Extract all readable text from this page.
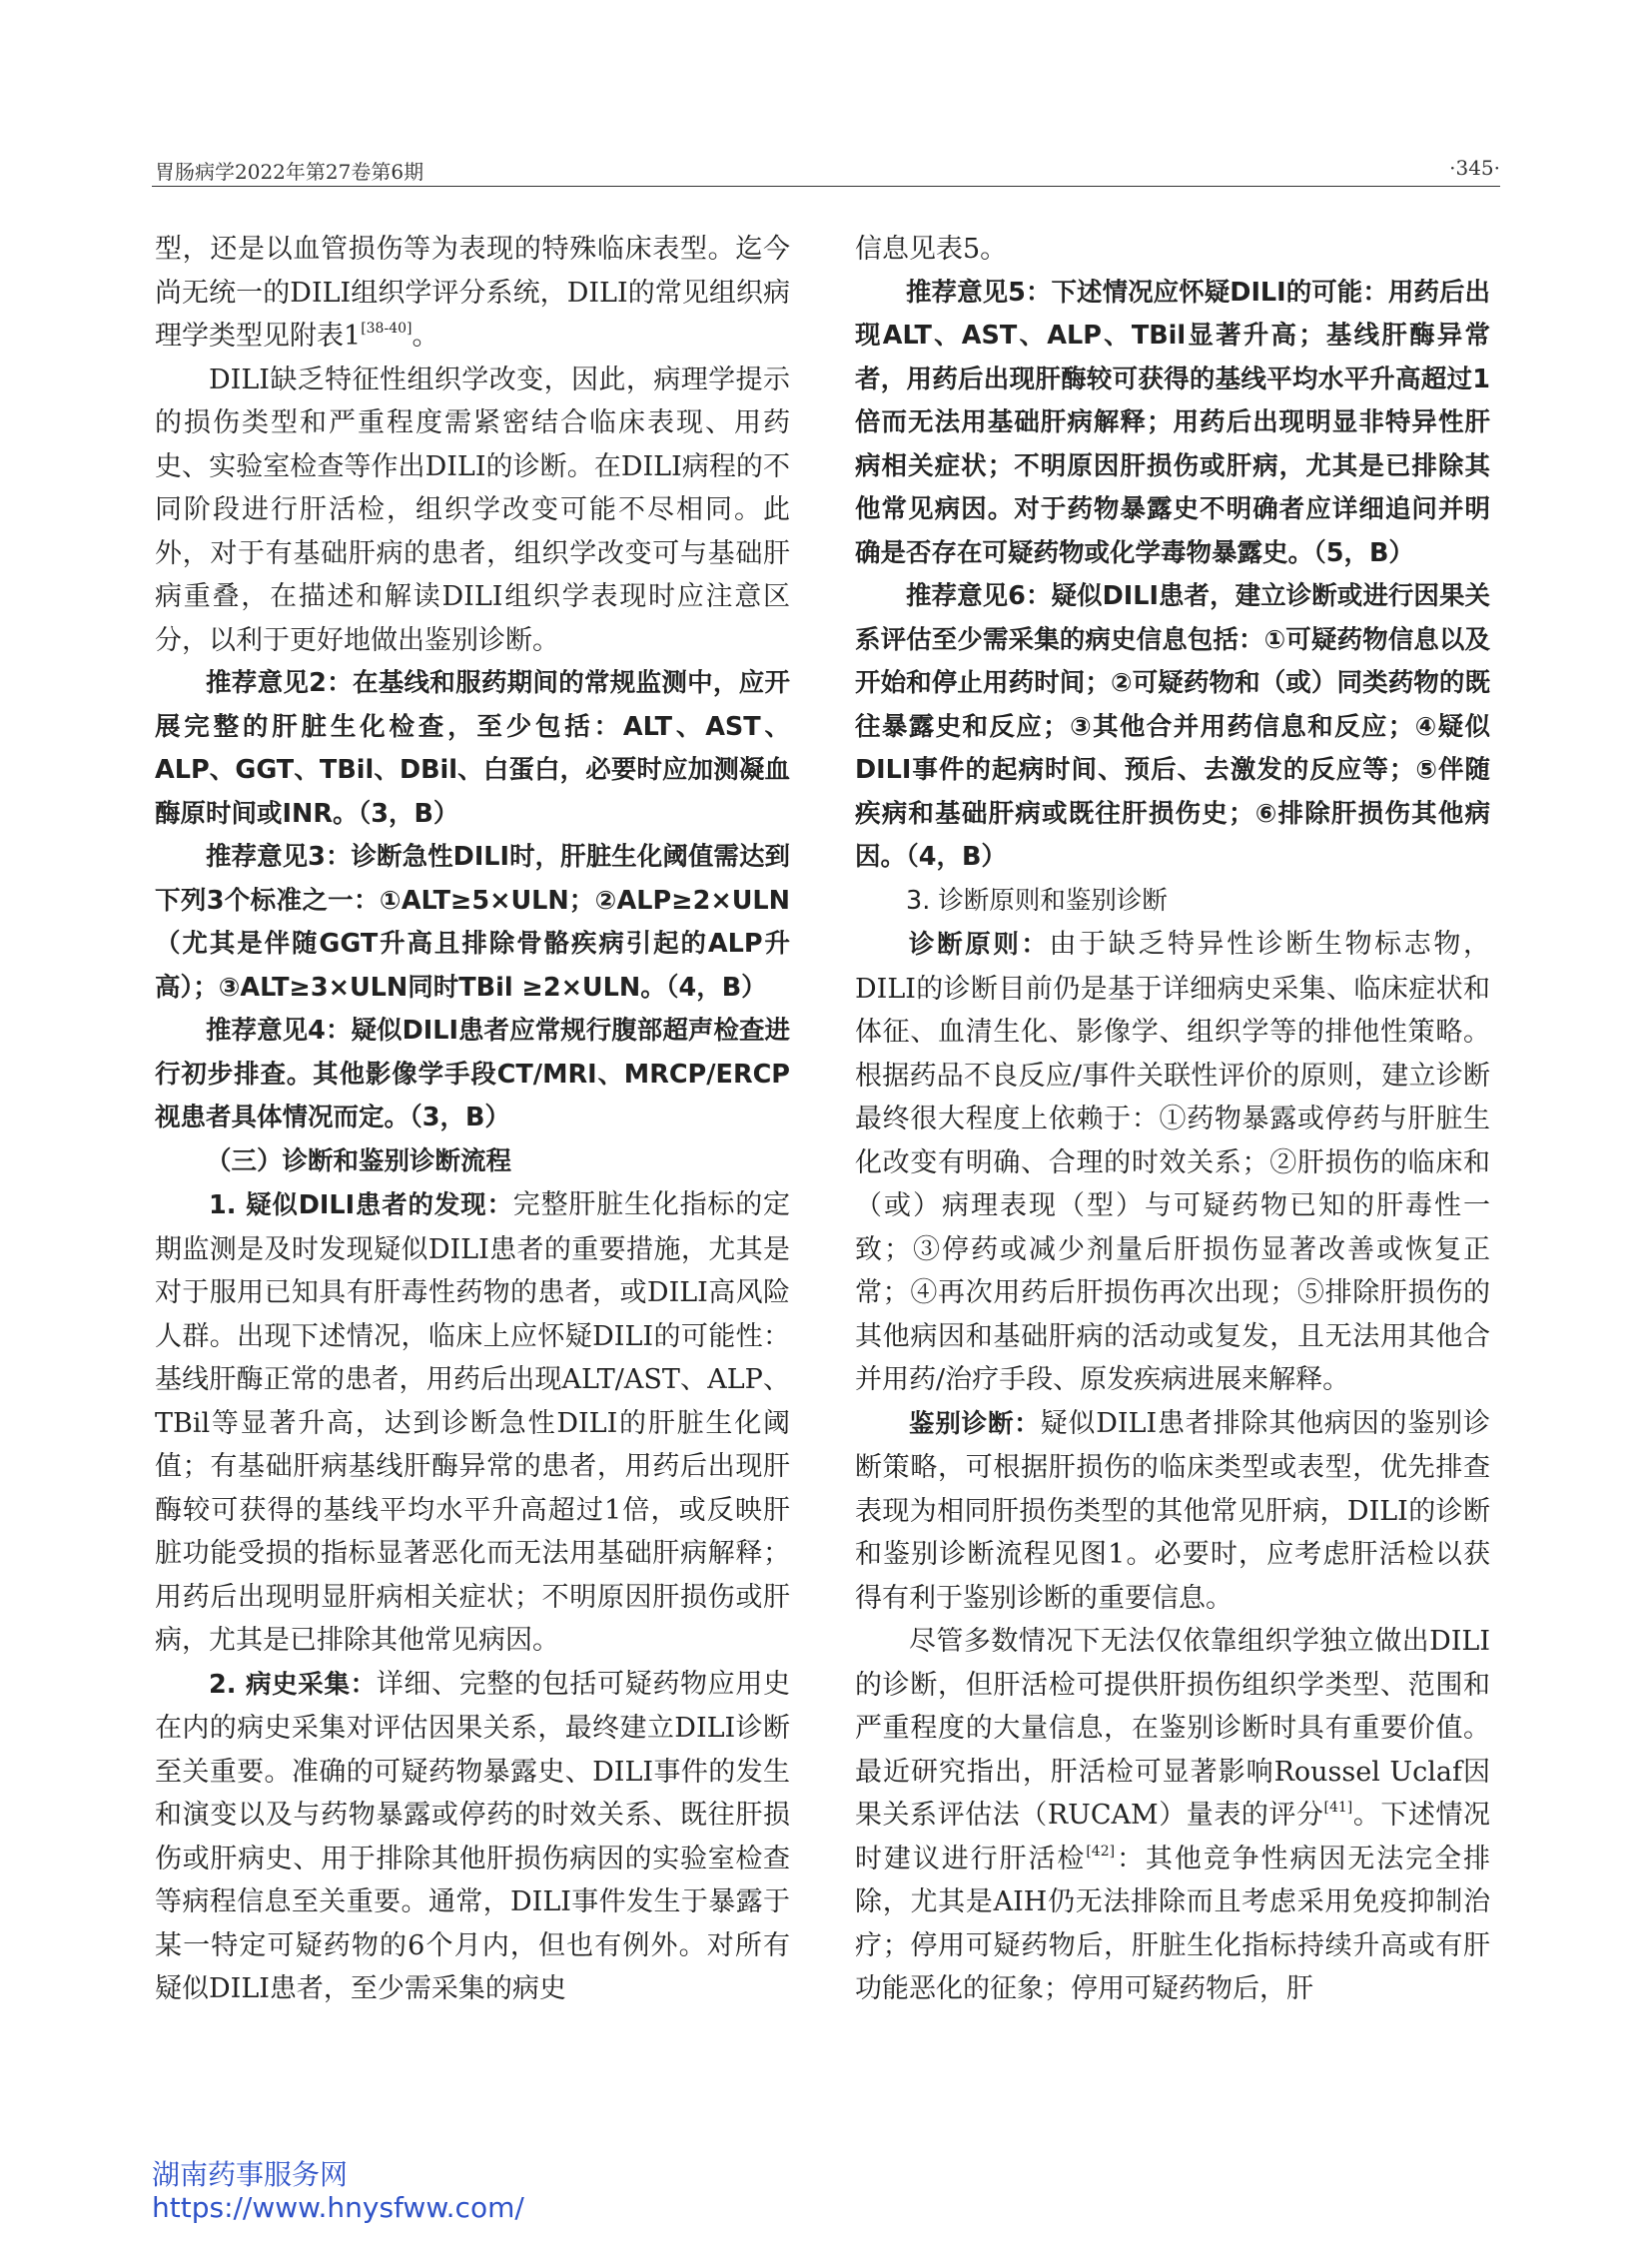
胃肠病学2022年第27卷第6期	·345·

型，还是以血管损伤等为表现的特殊临床表型。迄今尚无统一的DILI组织学评分系统，DILI的常见组织病理学类型见附表1[38-40]。

DILI缺乏特征性组织学改变，因此，病理学提示的损伤类型和严重程度需紧密结合临床表现、用药史、实验室检查等作出DILI的诊断。在DILI病程的不同阶段进行肝活检，组织学改变可能不尽相同。此外，对于有基础肝病的患者，组织学改变可与基础肝病重叠，在描述和解读DILI组织学表现时应注意区分，以利于更好地做出鉴别诊断。

推荐意见2：在基线和服药期间的常规监测中，应开展完整的肝脏生化检查，至少包括：ALT、AST、ALP、GGT、TBil、DBil、白蛋白，必要时应加测凝血酶原时间或INR。（3，B）

推荐意见3：诊断急性DILI时，肝脏生化阈值需达到下列3个标准之一：①ALT≥5×ULN；②ALP≥2×ULN（尤其是伴随GGT升高且排除骨骼疾病引起的ALP升高）；③ALT≥3×ULN同时TBil ≥2×ULN。（4，B）

推荐意见4：疑似DILI患者应常规行腹部超声检查进行初步排查。其他影像学手段CT/MRI、MRCP/ERCP视患者具体情况而定。（3，B）

（三）诊断和鉴别诊断流程

1. 疑似DILI患者的发现：完整肝脏生化指标的定期监测是及时发现疑似DILI患者的重要措施，尤其是对于服用已知具有肝毒性药物的患者，或DILI高风险人群。出现下述情况，临床上应怀疑DILI的可能性：基线肝酶正常的患者，用药后出现ALT/AST、ALP、TBil等显著升高，达到诊断急性DILI的肝脏生化阈值；有基础肝病基线肝酶异常的患者，用药后出现肝酶较可获得的基线平均水平升高超过1倍，或反映肝脏功能受损的指标显著恶化而无法用基础肝病解释；用药后出现明显肝病相关症状；不明原因肝损伤或肝病，尤其是已排除其他常见病因。

2. 病史采集：详细、完整的包括可疑药物应用史在内的病史采集对评估因果关系，最终建立DILI诊断至关重要。准确的可疑药物暴露史、DILI事件的发生和演变以及与药物暴露或停药的时效关系、既往肝损伤或肝病史、用于排除其他肝损伤病因的实验室检查等病程信息至关重要。通常，DILI事件发生于暴露于某一特定可疑药物的6个月内，但也有例外。对所有疑似DILI患者，至少需采集的病史

信息见表5。

推荐意见5：下述情况应怀疑DILI的可能：用药后出现ALT、AST、ALP、TBil显著升高；基线肝酶异常者，用药后出现肝酶较可获得的基线平均水平升高超过1倍而无法用基础肝病解释；用药后出现明显非特异性肝病相关症状；不明原因肝损伤或肝病，尤其是已排除其他常见病因。对于药物暴露史不明确者应详细追问并明确是否存在可疑药物或化学毒物暴露史。（5，B）

推荐意见6：疑似DILI患者，建立诊断或进行因果关系评估至少需采集的病史信息包括：①可疑药物信息以及开始和停止用药时间；②可疑药物和（或）同类药物的既往暴露史和反应；③其他合并用药信息和反应；④疑似DILI事件的起病时间、预后、去激发的反应等；⑤伴随疾病和基础肝病或既往肝损伤史；⑥排除肝损伤其他病因。（4，B）

3. 诊断原则和鉴别诊断

诊断原则：由于缺乏特异性诊断生物标志物，DILI的诊断目前仍是基于详细病史采集、临床症状和体征、血清生化、影像学、组织学等的排他性策略。根据药品不良反应/事件关联性评价的原则，建立诊断最终很大程度上依赖于：①药物暴露或停药与肝脏生化改变有明确、合理的时效关系；②肝损伤的临床和（或）病理表现（型）与可疑药物已知的肝毒性一致；③停药或减少剂量后肝损伤显著改善或恢复正常；④再次用药后肝损伤再次出现；⑤排除肝损伤的其他病因和基础肝病的活动或复发，且无法用其他合并用药/治疗手段、原发疾病进展来解释。

鉴别诊断：疑似DILI患者排除其他病因的鉴别诊断策略，可根据肝损伤的临床类型或表型，优先排查表现为相同肝损伤类型的其他常见肝病，DILI的诊断和鉴别诊断流程见图1。必要时，应考虑肝活检以获得有利于鉴别诊断的重要信息。

尽管多数情况下无法仅依靠组织学独立做出DILI的诊断，但肝活检可提供肝损伤组织学类型、范围和严重程度的大量信息，在鉴别诊断时具有重要价值。最近研究指出，肝活检可显著影响Roussel Uclaf因果关系评估法（RUCAM）量表的评分[41]。下述情况时建议进行肝活检[42]：其他竞争性病因无法完全排除，尤其是AIH仍无法排除而且考虑采用免疫抑制治疗；停用可疑药物后，肝脏生化指标持续升高或有肝功能恶化的征象；停用可疑药物后，肝

湖南药事服务网
https://www.hnysfww.com/
